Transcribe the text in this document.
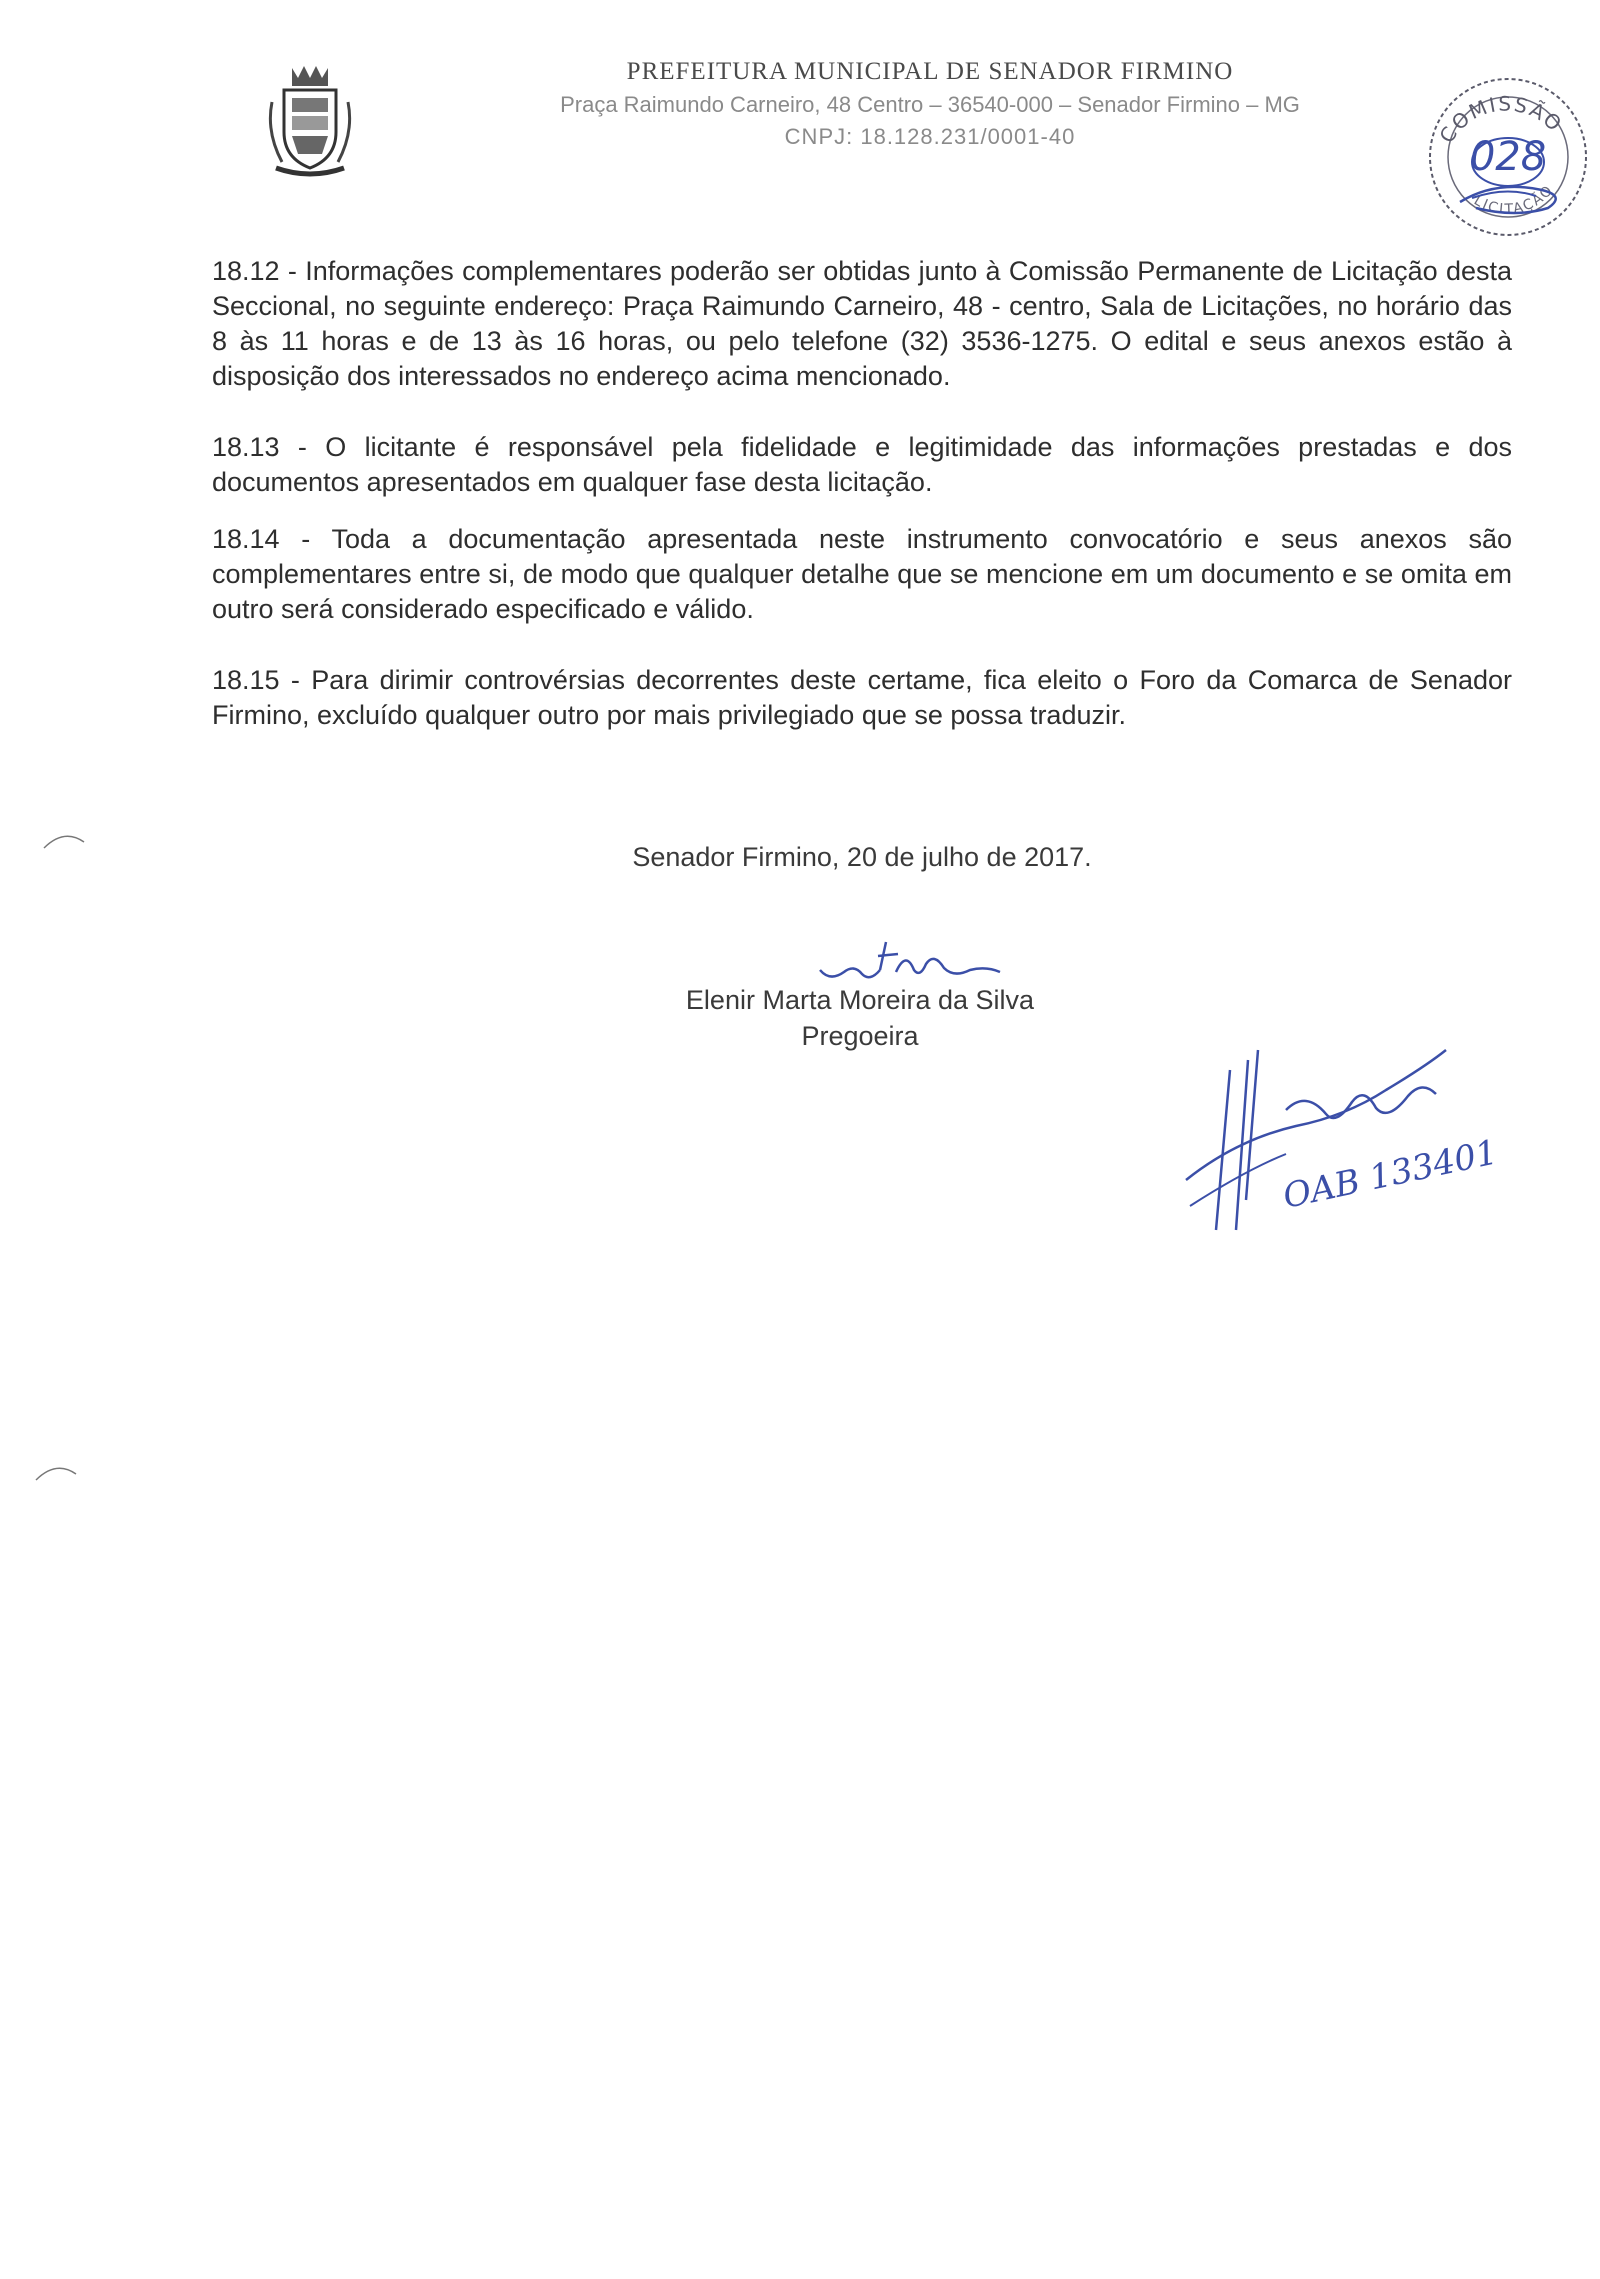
PREFEITURA MUNICIPAL DE SENADOR FIRMINO
Praça Raimundo Carneiro, 48 Centro – 36540-000 – Senador Firmino – MG
CNPJ: 18.128.231/0001-40	COMISSÃO
LICITAÇÃO
028

18.12 - Informações complementares poderão ser obtidas junto à Comissão Permanente de Licitação desta Seccional, no seguinte endereço: Praça Raimundo Carneiro, 48 - centro, Sala de Licitações, no horário das 8 às 11 horas e de 13 às 16 horas, ou pelo telefone (32) 3536-1275. O edital e seus anexos estão à disposição dos interessados no endereço acima mencionado.

18.13 - O licitante é responsável pela fidelidade e legitimidade das informações prestadas e dos documentos apresentados em qualquer fase desta licitação.

18.14 - Toda a documentação apresentada neste instrumento convocatório e seus anexos são complementares entre si, de modo que qualquer detalhe que se mencione em um documento e se omita em outro será considerado especificado e válido.

18.15 - Para dirimir controvérsias decorrentes deste certame, fica eleito o Foro da Comarca de Senador Firmino, excluído qualquer outro por mais privilegiado que se possa traduzir.

Senador Firmino, 20 de julho de 2017.
Elenir Marta Moreira da Silva
Pregoeira
OAB 133401
